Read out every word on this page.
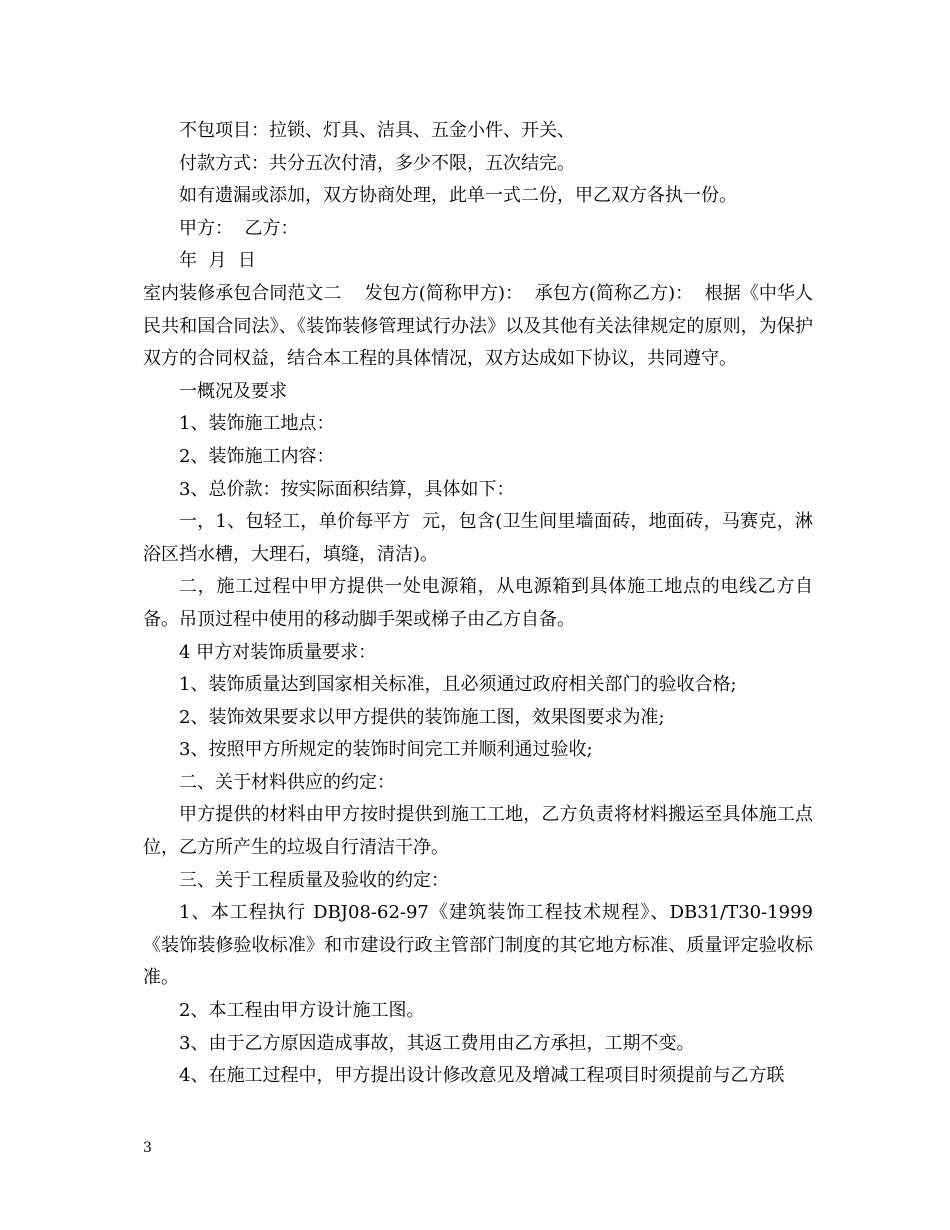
不包项目：拉锁、灯具、洁具、五金小件、开关、

付款方式：共分五次付清，多少不限，五次结完。

如有遗漏或添加，双方协商处理，此单一式二份，甲乙双方各执一份。

甲方：  乙方：

年  月  日

室内装修承包合同范文二    发包方(简称甲方)：  承包方(简称乙方)：  根据《中华人民共和国合同法》、《装饰装修管理试行办法》以及其他有关法律规定的原则，为保护双方的合同权益，结合本工程的具体情况，双方达成如下协议，共同遵守。

一概况及要求

1、装饰施工地点：

2、装饰施工内容：

3、总价款：按实际面积结算，具体如下：

一，1、包轻工，单价每平方  元，包含(卫生间里墙面砖，地面砖，马赛克，淋浴区挡水槽，大理石，填缝，清洁)。

二，施工过程中甲方提供一处电源箱，从电源箱到具体施工地点的电线乙方自备。吊顶过程中使用的移动脚手架或梯子由乙方自备。

4 甲方对装饰质量要求：

1、装饰质量达到国家相关标准，且必须通过政府相关部门的验收合格;

2、装饰效果要求以甲方提供的装饰施工图，效果图要求为准;

3、按照甲方所规定的装饰时间完工并顺利通过验收;

二、关于材料供应的约定：

甲方提供的材料由甲方按时提供到施工工地，乙方负责将材料搬运至具体施工点位，乙方所产生的垃圾自行清洁干净。

三、关于工程质量及验收的约定：

1、本工程执行 DBJ08-62-97《建筑装饰工程技术规程》、DB31/T30-1999《装饰装修验收标准》和市建设行政主管部门制度的其它地方标准、质量评定验收标准。

2、本工程由甲方设计施工图。

3、由于乙方原因造成事故，其返工费用由乙方承担，工期不变。

4、在施工过程中，甲方提出设计修改意见及增减工程项目时须提前与乙方联

3
